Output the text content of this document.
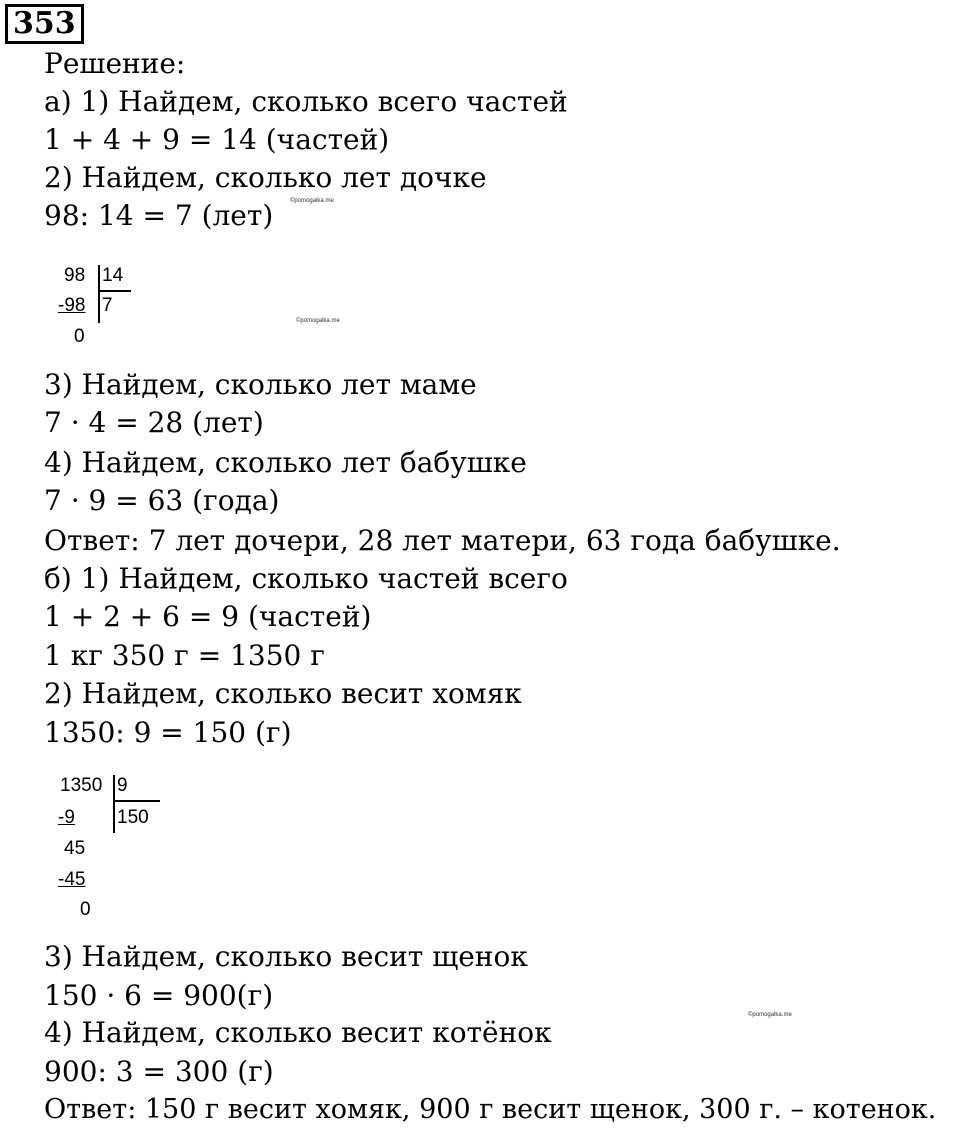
353
Решение:
а) 1) Найдем, сколько всего частей
1 + 4 + 9 = 14 (частей)
2) Найдем, сколько лет дочке
98: 14 = 7 (лет)	©pomogalka.me
98 14
-98 7
0
©pomogalka.me
3) Найдем, сколько лет маме
7 · 4 = 28 (лет)
4) Найдем, сколько лет бабушке
7 · 9 = 63 (года)
Ответ: 7 лет дочери, 28 лет матери, 63 года бабушке.
б) 1) Найдем, сколько частей всего
1 + 2 + 6 = 9 (частей)
1 кг 350 г = 1350 г
2) Найдем, сколько весит хомяк
1350: 9 = 150 (г)
1350 9
-9 150
45
-45
0
3) Найдем, сколько весит щенок
150 · 6 = 900(г)
©pomogalka.me
4) Найдем, сколько весит котёнок
900: 3 = 300 (г)
Ответ: 150 г весит хомяк, 900 г весит щенок, 300 г. – котенок.
